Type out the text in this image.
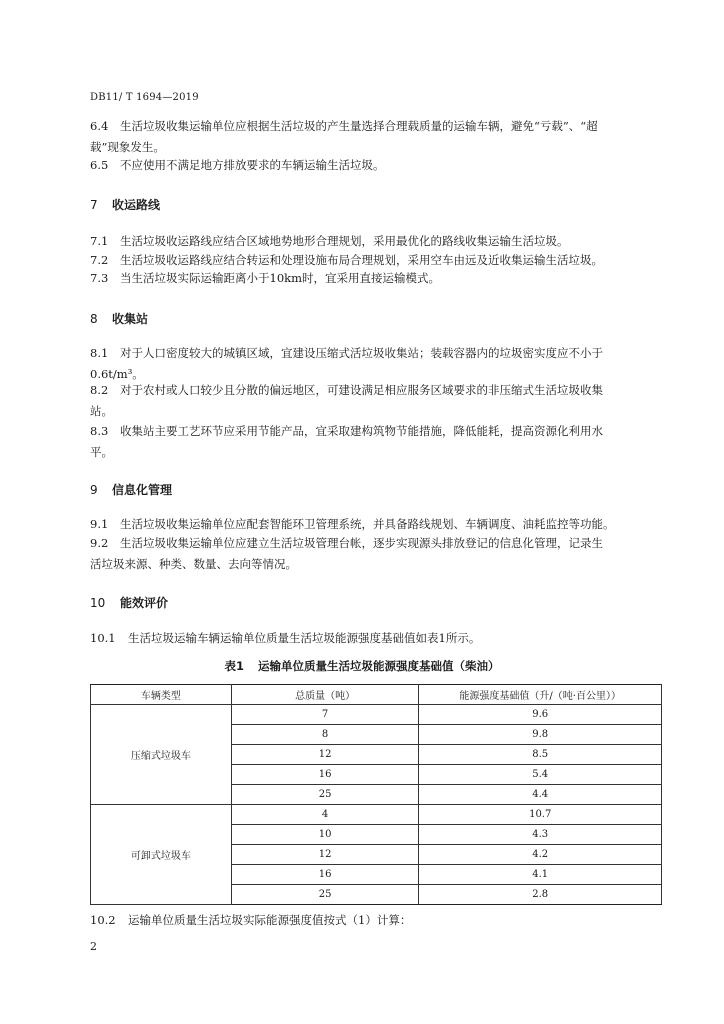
DB11/ T 1694—2019
6.4 生活垃圾收集运输单位应根据生活垃圾的产生量选择合理载质量的运输车辆，避免“亏载”、“超
载”现象发生。
6.5 不应使用不满足地方排放要求的车辆运输生活垃圾。
7 收运路线
7.1 生活垃圾收运路线应结合区域地势地形合理规划，采用最优化的路线收集运输生活垃圾。
7.2 生活垃圾收运路线应结合转运和处理设施布局合理规划，采用空车由远及近收集运输生活垃圾。
7.3 当生活垃圾实际运输距离小于10km时，宜采用直接运输模式。
8 收集站
8.1 对于人口密度较大的城镇区域，宜建设压缩式活垃圾收集站；装载容器内的垃圾密实度应不小于
0.6t/m³。
8.2 对于农村或人口较少且分散的偏远地区，可建设满足相应服务区域要求的非压缩式生活垃圾收集
站。
8.3 收集站主要工艺环节应采用节能产品，宜采取建构筑物节能措施，降低能耗，提高资源化利用水
平。
9 信息化管理
9.1 生活垃圾收集运输单位应配套智能环卫管理系统，并具备路线规划、车辆调度、油耗监控等功能。
9.2 生活垃圾收集运输单位应建立生活垃圾管理台帐，逐步实现源头排放登记的信息化管理，记录生
活垃圾来源、种类、数量、去向等情况。
10 能效评价
10.1 生活垃圾运输车辆运输单位质量生活垃圾能源强度基础值如表1所示。
表1 运输单位质量生活垃圾能源强度基础值（柴油）
车辆类型	总质量（吨）	能源强度基础值（升/（吨·百公里））
压缩式垃圾车	7	9.6
	8	9.8
	12	8.5
	16	5.4
	25	4.4
可卸式垃圾车	4	10.7
	10	4.3
	12	4.2
	16	4.1
	25	2.8
10.2 运输单位质量生活垃圾实际能源强度值按式（1）计算：
2
